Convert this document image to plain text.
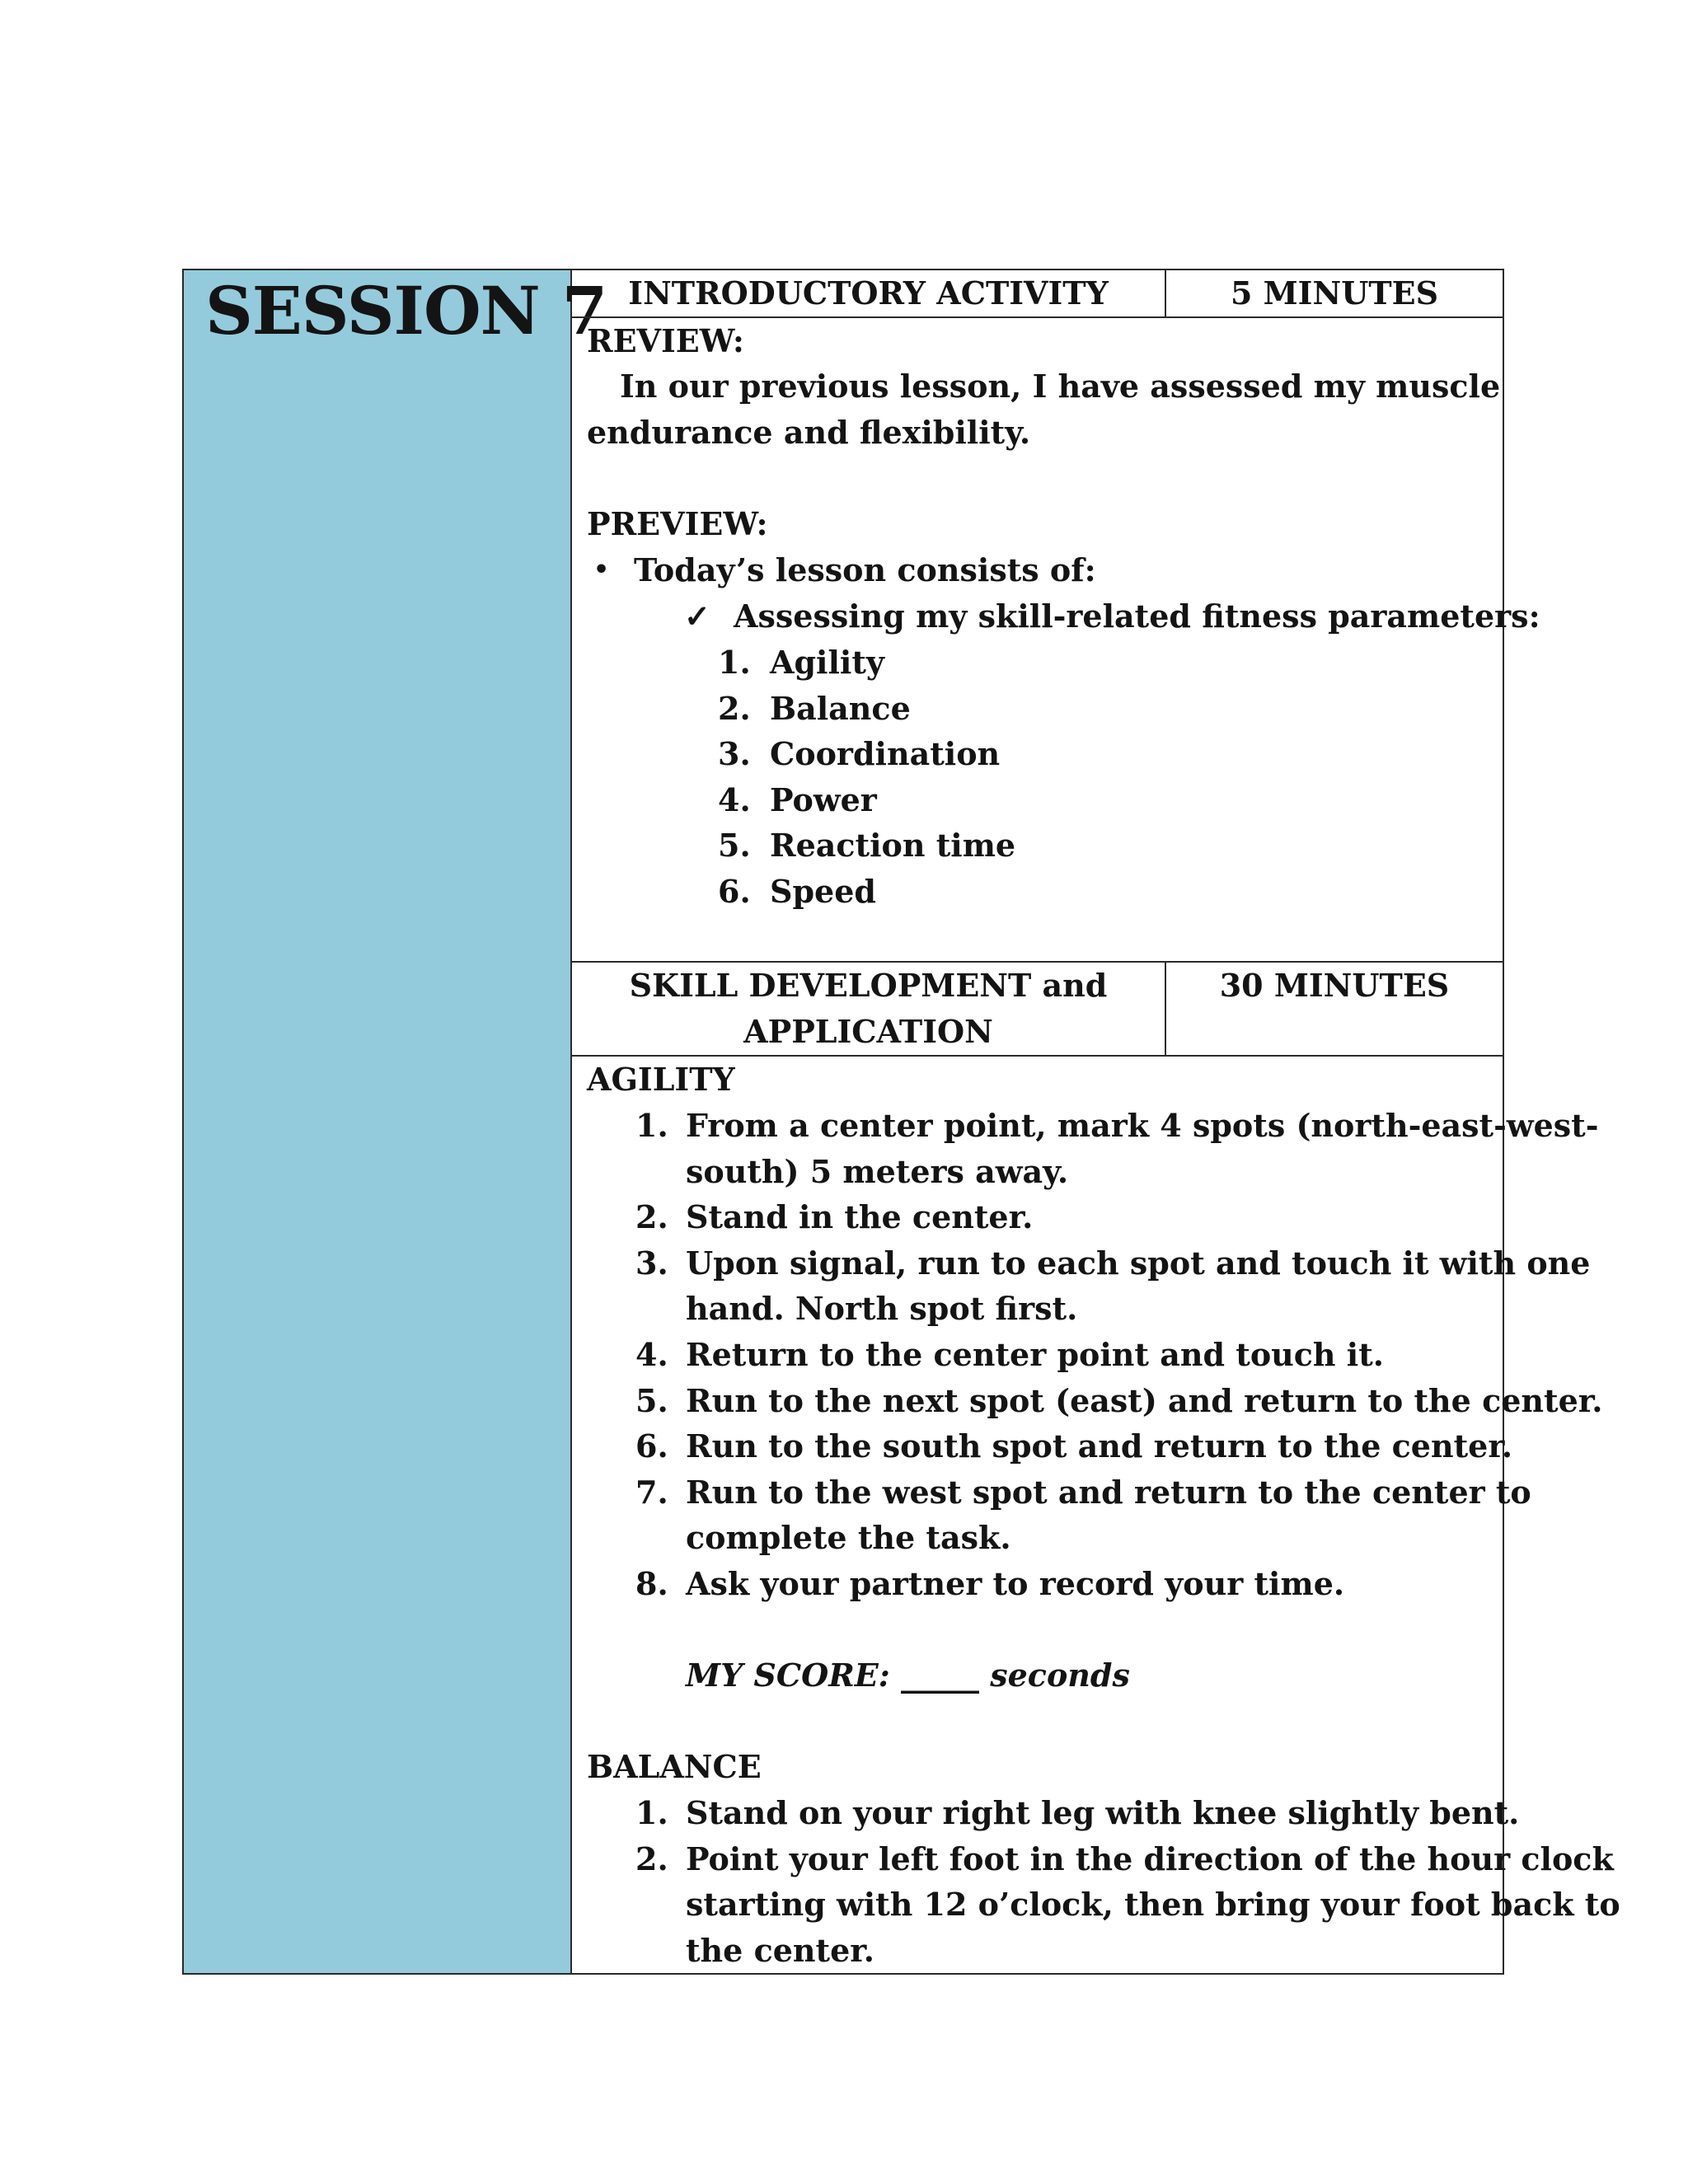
SESSION 7 INTRODUCTORY ACTIVITY	5 MINUTES
REVIEW:
In our previous lesson, I have assessed my muscle
endurance and flexibility.
PREVIEW:
• Today’s lesson consists of:
✓ Assessing my skill-related fitness parameters:
1. Agility
2. Balance
3. Coordination
4. Power
5. Reaction time
6. Speed
SKILL DEVELOPMENT and
APPLICATION
30 MINUTES
AGILITY
1. From a center point, mark 4 spots (north-east-west-
south) 5 meters away.
2. Stand in the center.
3. Upon signal, run to each spot and touch it with one
hand. North spot first.
4. Return to the center point and touch it.
5. Run to the next spot (east) and return to the center.
6. Run to the south spot and return to the center.
7. Run to the west spot and return to the center to
complete the task.
8. Ask your partner to record your time.
MY SCORE: _____ seconds
BALANCE
1. Stand on your right leg with knee slightly bent.
2. Point your left foot in the direction of the hour clock
starting with 12 o’clock, then bring your foot back to
the center.
